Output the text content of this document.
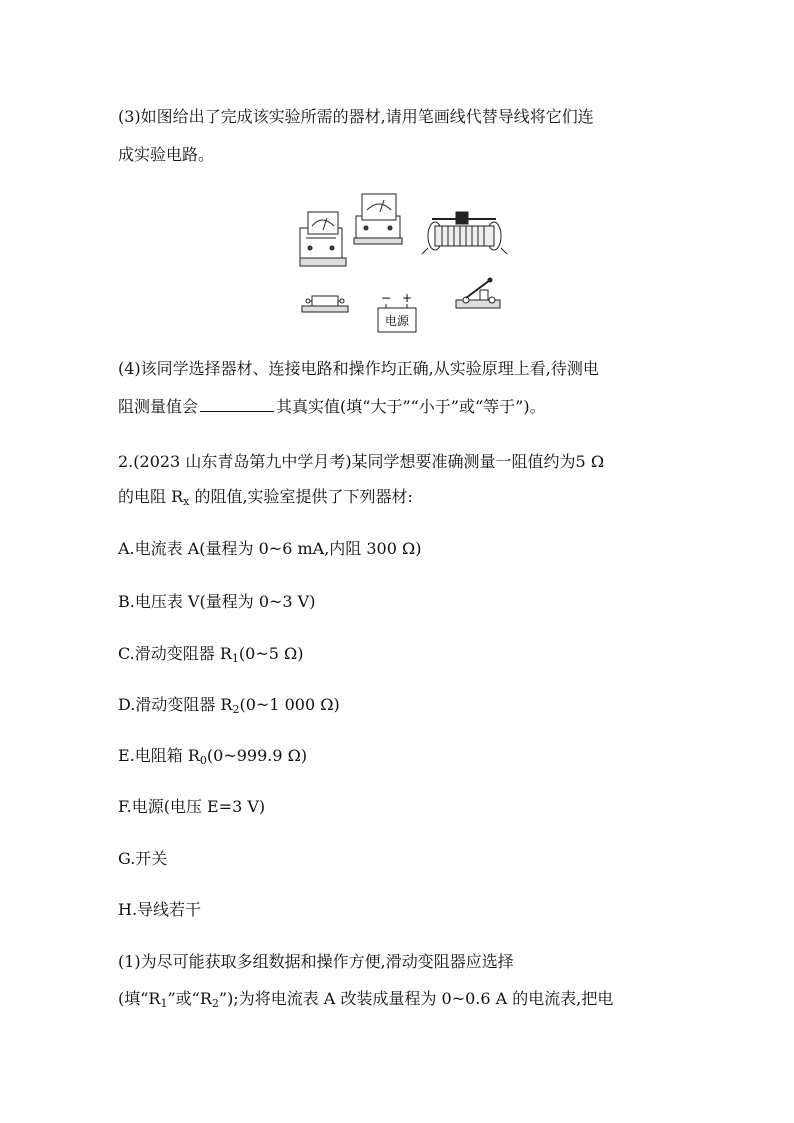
(3)如图给出了完成该实验所需的器材,请用笔画线代替导线将它们连
成实验电路。
− +
电源
(4)该同学选择器材、连接电路和操作均正确,从实验原理上看,待测电
阻测量值会	其真实值(填“大于”“小于”或“等于”)。
2.(2023 山东青岛第九中学月考)某同学想要准确测量一阻值约为5 Ω
的电阻 $R_x$ 的阻值,实验室提供了下列器材:
A.电流表 A(量程为 0~6 mA,内阻 300 Ω)
B.电压表 V(量程为 0~3 V)
C.滑动变阻器 $R_1(0\sim 5$ Ω)
D.滑动变阻器 $R_2(0\sim 1$ 000 Ω)
E.电阻箱 $R_0(0\sim 999.9$ Ω)
F.电源(电压 E=3 V)
G.开关
H.导线若干
(1)为尽可能获取多组数据和操作方便,滑动变阻器应选择
(填“$R_1$”或“$R_2$”);为将电流表 A 改装成量程为 0~0.6 A 的电流表,把电
